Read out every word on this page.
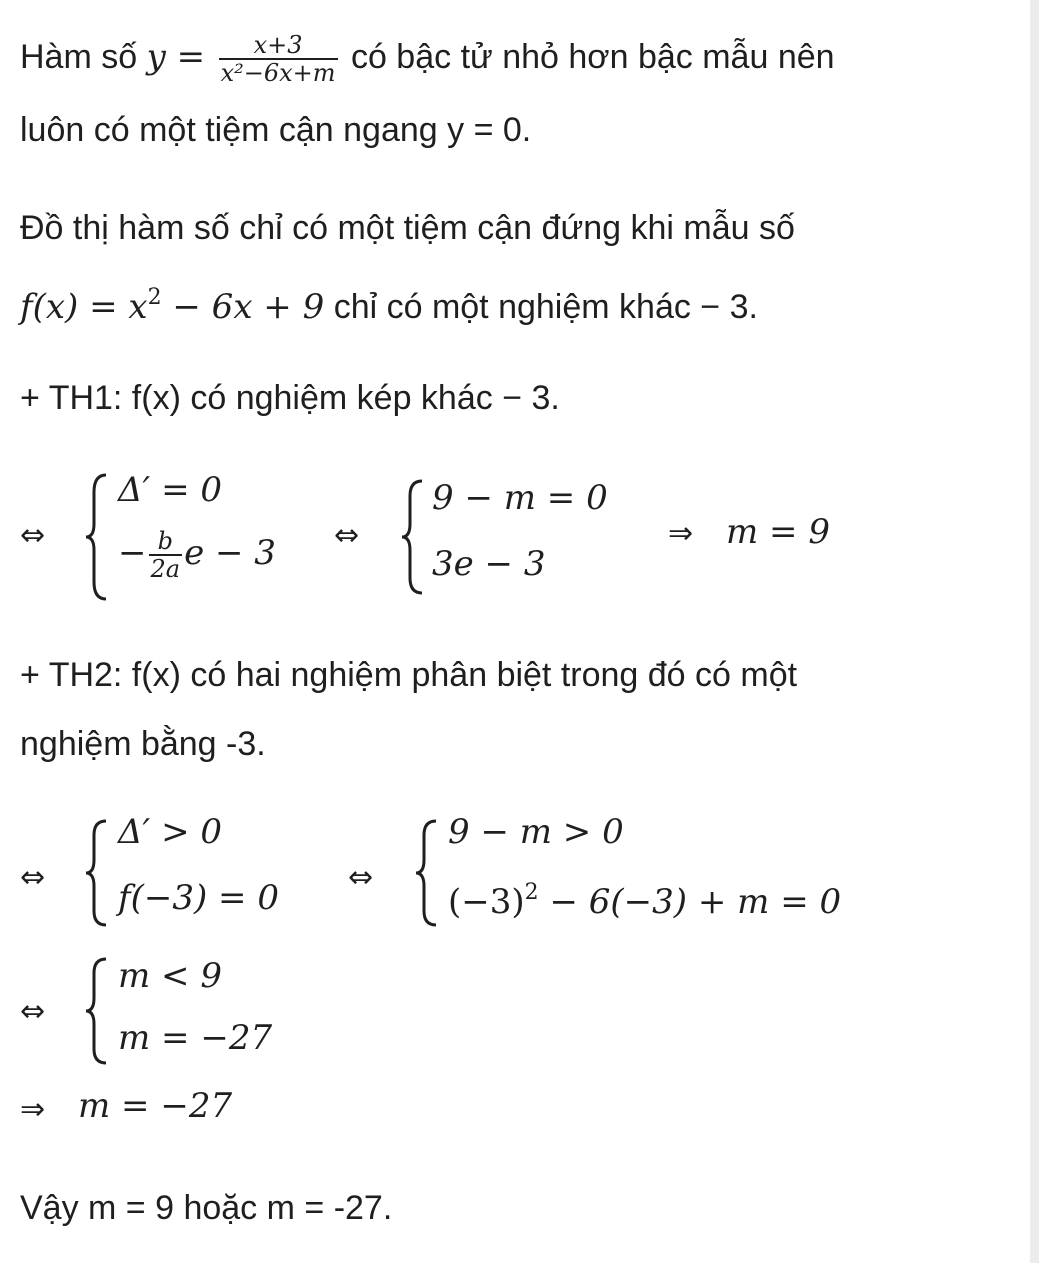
Hàm số $y = \frac{x+3}{\text{x²−6x+m}}$ có bậc tử nhỏ hơn bậc mẫu nên
luôn có một tiệm cận ngang y = 0.
Đồ thị hàm số chỉ có một tiệm cận đứng khi mẫu số
$f(x) = x^2 - 6x + 9$ chỉ có một nghiệm khác − 3.
+ TH1: f(x) có nghiệm kép khác − 3.
⇔
Δ′ = 0
− $\frac{b}{2a}$ e − 3 ⇔
9 − m = 0
3e − 3
⇒ m = 9
+ TH2: f(x) có hai nghiệm phân biệt trong đó có một
nghiệm bằng -3.
⇔
Δ′ > 0
f(−3) = 0
⇔
9 − m > 0
$(-3)^2 - 6(-3) + m = 0$
⇔
m < 9
m = −27
⇒ m = −27
Vậy m = 9 hoặc m = -27.
